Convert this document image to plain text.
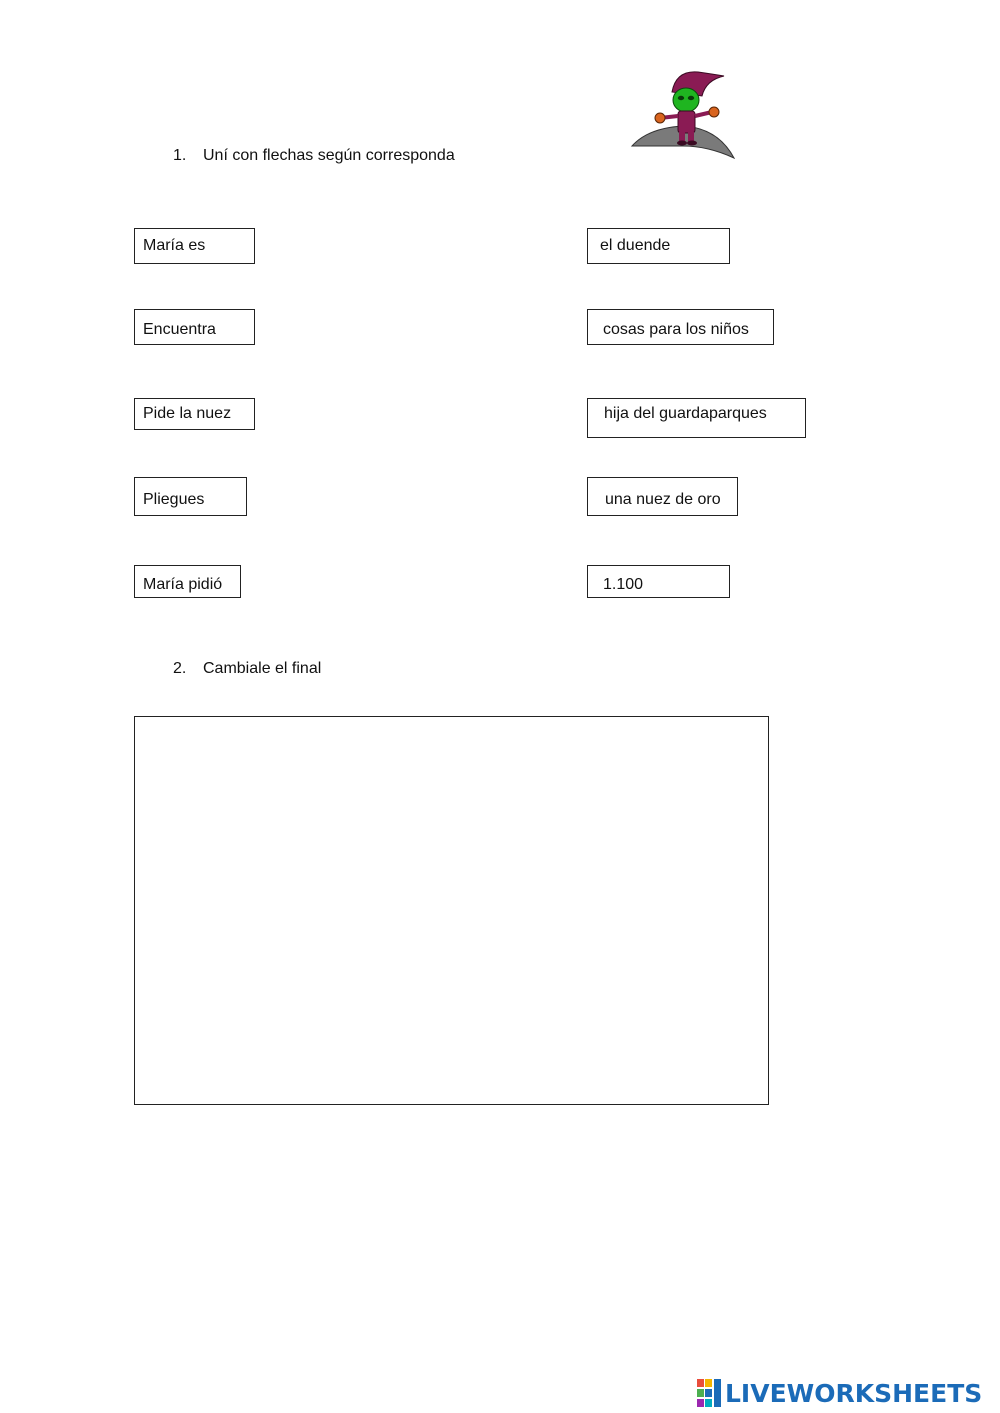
1. Uní con flechas según corresponda
María es
Encuentra
Pide la nuez
Pliegues
María pidió
el duende
cosas para los niños
hija del guardaparques
una nuez de oro
1.100
2. Cambiale el final
LIVEWORKSHEETS
